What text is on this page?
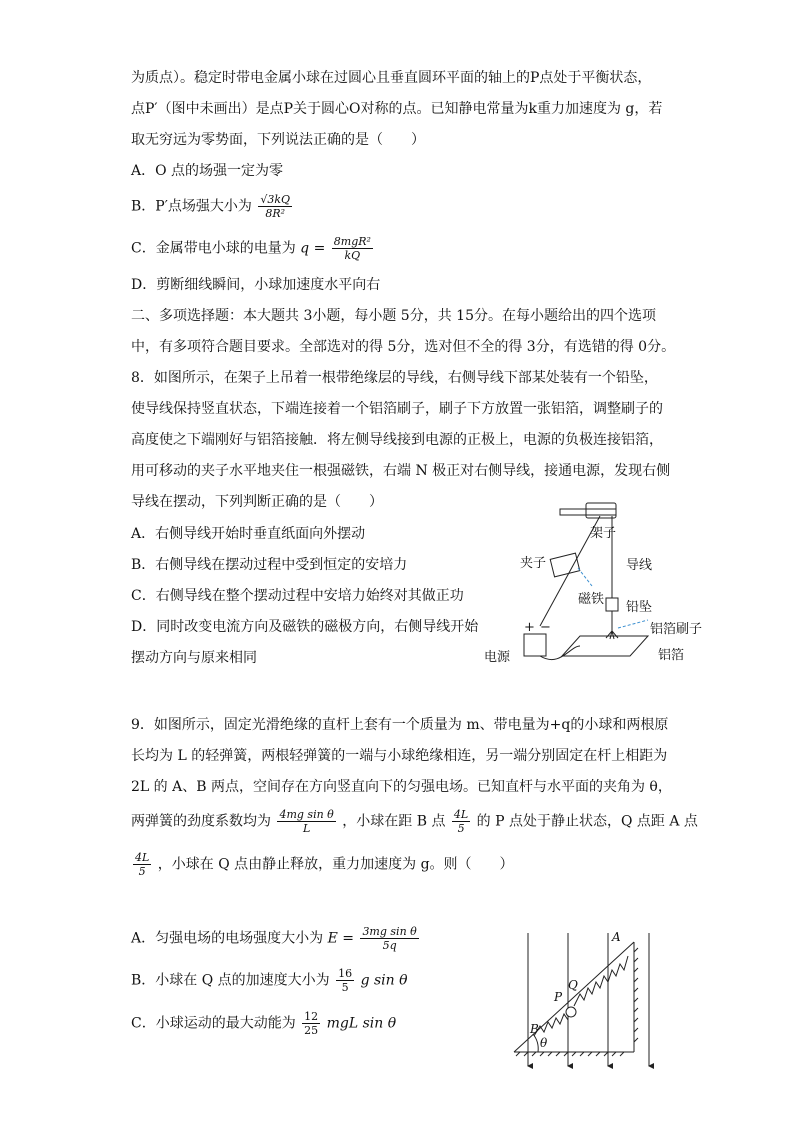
为质点）。稳定时带电金属小球在过圆心且垂直圆环平面的轴上的P点处于平衡状态，
点P′（图中未画出）是点P关于圆心O对称的点。已知静电常量为k重力加速度为 g，若
取无穷远为零势面，下列说法正确的是（　　）
A．O 点的场强一定为零
B．P′点场强大小为 $\frac{√3kQ}{\text{8R²}}$
C．金属带电小球的电量为 $q = \frac{\text{8mgR²}}{kQ}$
D．剪断细线瞬间，小球加速度水平向右
二、多项选择题：本大题共 3小题，每小题 5分，共 15分。在每小题给出的四个选项
中，有多项符合题目要求。全部选对的得 5分，选对但不全的得 3分，有选错的得 0分。
8．如图所示，在架子上吊着一根带绝缘层的导线，右侧导线下部某处装有一个铅坠，
使导线保持竖直状态，下端连接着一个铝箔刷子，刷子下方放置一张铝箔，调整刷子的
高度使之下端刚好与铝箔接触．将左侧导线接到电源的正极上，电源的负极连接铝箔，
用可移动的夹子水平地夹住一根强磁铁，右端 N 极正对右侧导线，接通电源，发现右侧
导线在摆动，下列判断正确的是（　　）
A．右侧导线开始时垂直纸面向外摆动
B．右侧导线在摆动过程中受到恒定的安培力
C．右侧导线在整个摆动过程中安培力始终对其做正功
D．同时改变电流方向及磁铁的磁极方向，右侧导线开始
摆动方向与原来相同
架子
夹子	导线
磁铁
铅坠
铝箔刷子
铝箔
电源
+ −
9．如图所示，固定光滑绝缘的直杆上套有一个质量为 m、带电量为+q的小球和两根原
长均为 L 的轻弹簧，两根轻弹簧的一端与小球绝缘相连，另一端分别固定在杆上相距为
2L 的 A、B 两点，空间存在方向竖直向下的匀强电场。已知直杆与水平面的夹角为 θ，
两弹簧的劲度系数均为 $\frac{\text{4mg sin θ}}{L}$ ，小球在距 B 点 $\frac{4L}{5}$ 的 P 点处于静止状态，Q 点距 A 点
$\frac{4L}{5}$ ，小球在 Q 点由静止释放，重力加速度为 g。则（　　）
A．匀强电场的电场强度大小为 $E = \frac{\text{3mg sin θ}}{5q}$
B．小球在 Q 点的加速度大小为 $\frac{16}{5}$ g sin θ
C．小球运动的最大动能为 $\frac{12}{25}$ mgL sin θ
A
B
P
Q
θ
